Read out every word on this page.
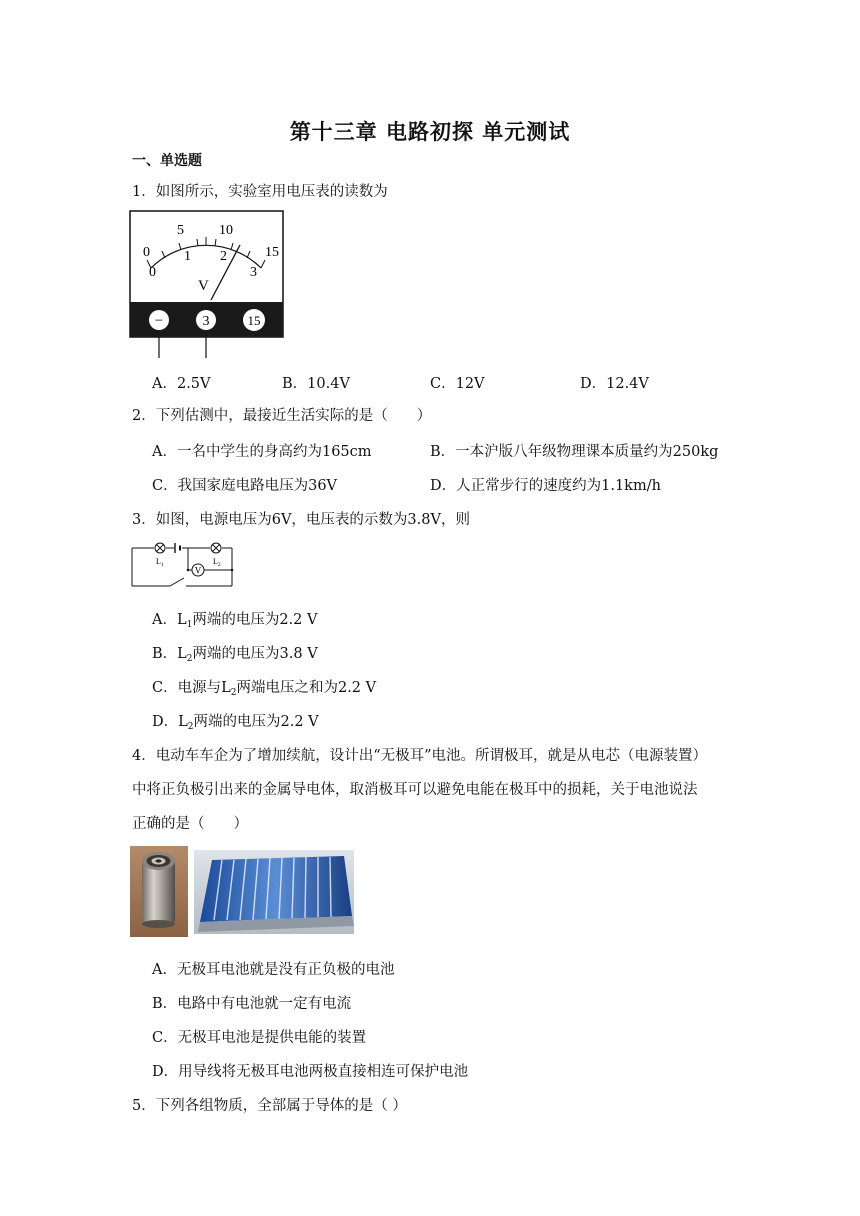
第十三章 电路初探 单元测试
一、单选题
1．如图所示，实验室用电压表的读数为
0
5	10
15
0
1 2
3
V
−	3	15
A．2.5V	B．10.4V	C．12V	D．12.4V
2．下列估测中，最接近生活实际的是（　　）
A．一名中学生的身高约为165cm	B．一本沪版八年级物理课本质量约为250kg
C．我国家庭电路电压为36V	D．人正常步行的速度约为1.1km/h
3．如图，电源电压为6V，电压表的示数为3.8V，则
V
$L_1$	$L_2$
A．$L_1$两端的电压为2.2 V
B．$L_2$两端的电压为3.8 V
C．电源与$L_2$两端电压之和为2.2 V
D．$L_2$两端的电压为2.2 V
4．电动车车企为了增加续航，设计出“无极耳”电池。所谓极耳，就是从电芯（电源装置）
中将正负极引出来的金属导电体，取消极耳可以避免电能在极耳中的损耗，关于电池说法
正确的是（　　）
A．无极耳电池就是没有正负极的电池
B．电路中有电池就一定有电流
C．无极耳电池是提供电能的装置
D．用导线将无极耳电池两极直接相连可保护电池
5．下列各组物质，全部属于导体的是（ ）
